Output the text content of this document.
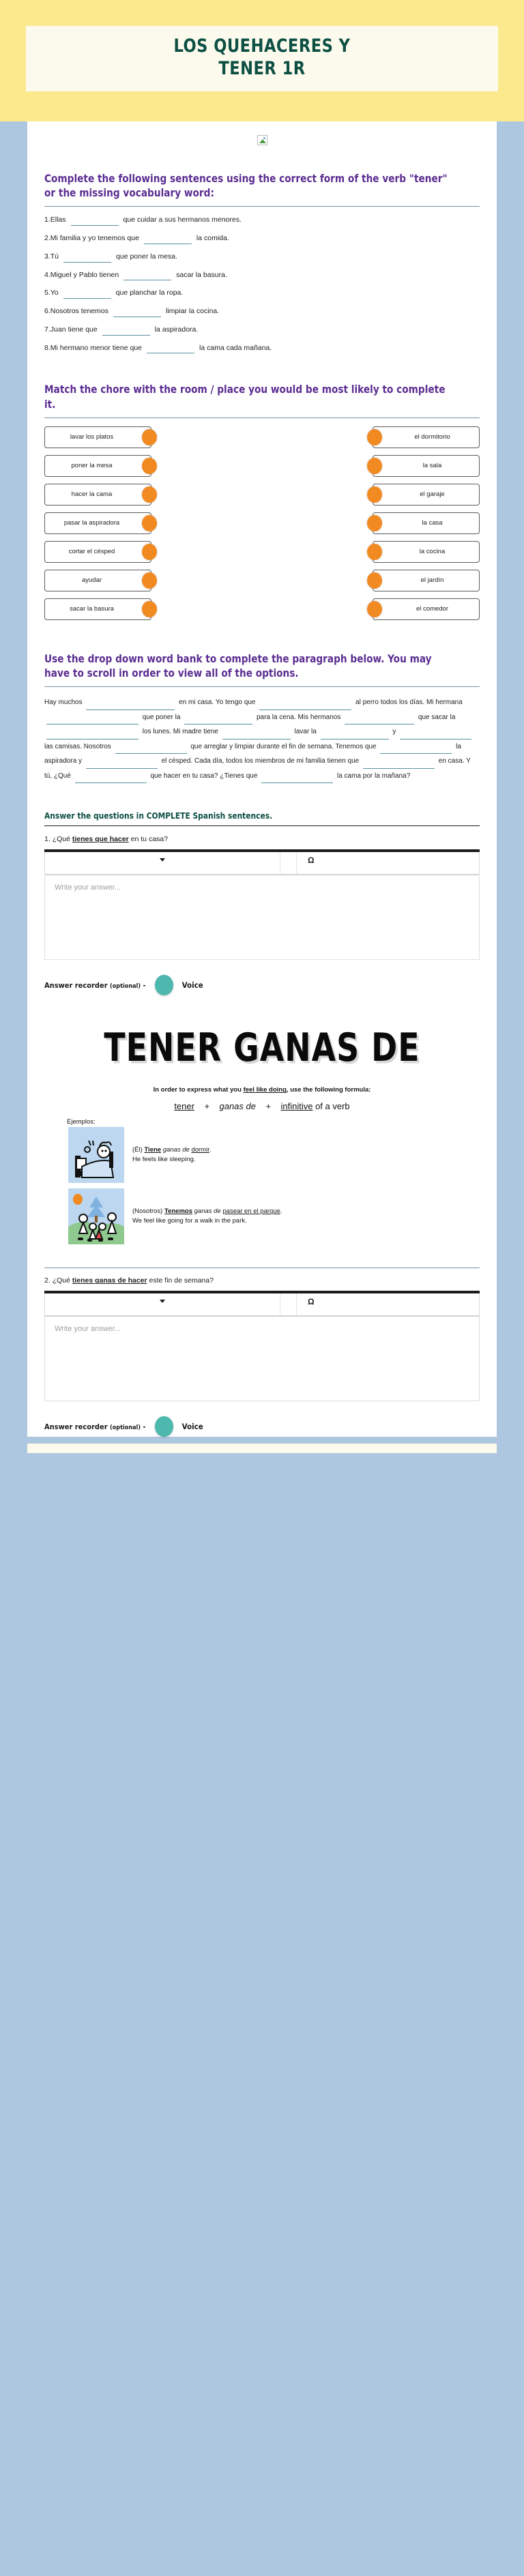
LOS QUEHACERES Y
TENER 1R
Complete the following sentences using the correct form of the verb "tener" or the missing vocabulary word:
1. Ellas	que cuidar a sus hermanos menores.
2. Mi familia y yo tenemos que	la comida.
3. Tú	que poner la mesa.
4. Miguel y Pablo tienen	sacar la basura.
5. Yo	que planchar la ropa.
6. Nosotros tenemos	limpiar la cocina.
7. Juan tiene que	la aspiradora.
8. Mi hermano menor tiene que	la cama cada mañana.
Match the chore with the room / place you would be most likely to complete it.
lavar los platos	el dormitorio
poner la mesa	la sala
hacer la cama	el garaje
pasar la aspiradora	la casa
cortar el césped	la cocina
ayudar	el jardín
sacar la basura	el comedor
Use the drop down word bank to complete the paragraph below. You may have to scroll in order to view all of the options.
Hay muchos	en mi casa. Yo tengo que	al perro todos los días. Mi hermana  que poner la	para la cena. Mis hermanos	que sacar la  los lunes. Mi madre tiene	lavar la	y  las camisas. Nosotros	que arreglar y limpiar durante el fin de semana. Tenemos que	la aspiradora y	el césped. Cada día, todos los miembros de mi familia tienen que	en casa. Y tú, ¿Qué	que hacer en tu casa? ¿Tienes que	la cama por la mañana?
Answer the questions in COMPLETE Spanish sentences.
1. ¿Qué tienes que hacer en tu casa?
Ω
Write your answer...
Answer recorder (optional) -	Voice
TENER GANAS DE
In order to express what you feel like doing, use the following formula:
tener + ganas de + infinitive of a verb
Ejemplos:
(Él) Tiene ganas de dormir.
He feels like sleeping.
(Nosotros) Tenemos ganas de pasear en el parque.
We feel like going for a walk in the park.
2. ¿Qué tienes ganas de hacer este fin de semana?
Ω
Write your answer...
Answer recorder (optional) -	Voice
